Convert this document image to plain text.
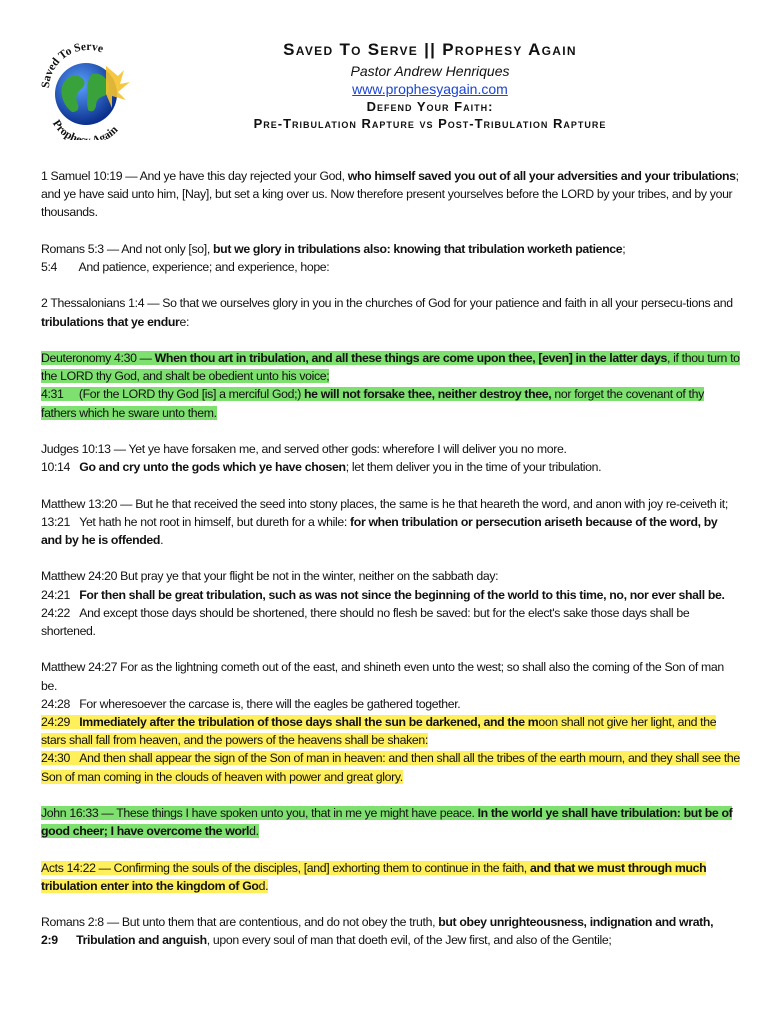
Saved To Serve
Prophe gain
Saved To Serve || Prophesy Again
Pastor Andrew Henriques
www.prophesyagain.com
Defend Your Faith:
Pre-Tribulation Rapture vs Post-Tribulation Rapture
1 Samuel 10:19 — And ye have this day rejected your God, who himself saved you out of all your adversities and your tribulations; and ye have said unto him, [Nay], but set a king over us. Now therefore present yourselves before the LORD by your tribes, and by your thousands.
Romans 5:3 — And not only [so], but we glory in tribulations also: knowing that tribulation worketh patience;
5:4       And patience, experience; and experience, hope:
2 Thessalonians 1:4 — So that we ourselves glory in you in the churches of God for your patience and faith in all your persecu-tions and tribulations that ye endure:
Deuteronomy 4:30 — When thou art in tribulation, and all these things are come upon thee, [even] in the latter days, if thou turn to the LORD thy God, and shalt be obedient unto his voice;
4:31     (For the LORD thy God [is] a merciful God;) he will not forsake thee, neither destroy thee, nor forget the covenant of thy fathers which he sware unto them.
Judges 10:13 — Yet ye have forsaken me, and served other gods: wherefore I will deliver you no more.
10:14   Go and cry unto the gods which ye have chosen; let them deliver you in the time of your tribulation.
Matthew 13:20 — But he that received the seed into stony places, the same is he that heareth the word, and anon with joy re-ceiveth it;
13:21   Yet hath he not root in himself, but dureth for a while: for when tribulation or persecution ariseth because of the word, by and by he is offended.
Matthew 24:20 But pray ye that your flight be not in the winter, neither on the sabbath day:
24:21   For then shall be great tribulation, such as was not since the beginning of the world to this time, no, nor ever shall be.
24:22   And except those days should be shortened, there should no flesh be saved: but for the elect's sake those days shall be shortened.
Matthew 24:27 For as the lightning cometh out of the east, and shineth even unto the west; so shall also the coming of the Son of man be.
24:28   For wheresoever the carcase is, there will the eagles be gathered together.
24:29   Immediately after the tribulation of those days shall the sun be darkened, and the moon shall not give her light, and the stars shall fall from heaven, and the powers of the heavens shall be shaken:
24:30   And then shall appear the sign of the Son of man in heaven: and then shall all the tribes of the earth mourn, and they shall see the Son of man coming in the clouds of heaven with power and great glory.
John 16:33 — These things I have spoken unto you, that in me ye might have peace. In the world ye shall have tribulation: but be of good cheer; I have overcome the world.
Acts 14:22 — Confirming the souls of the disciples, [and] exhorting them to continue in the faith, and that we must through much tribulation enter into the kingdom of God.
Romans 2:8 — But unto them that are contentious, and do not obey the truth, but obey unrighteousness, indignation and wrath,
2:9      Tribulation and anguish, upon every soul of man that doeth evil, of the Jew first, and also of the Gentile;
